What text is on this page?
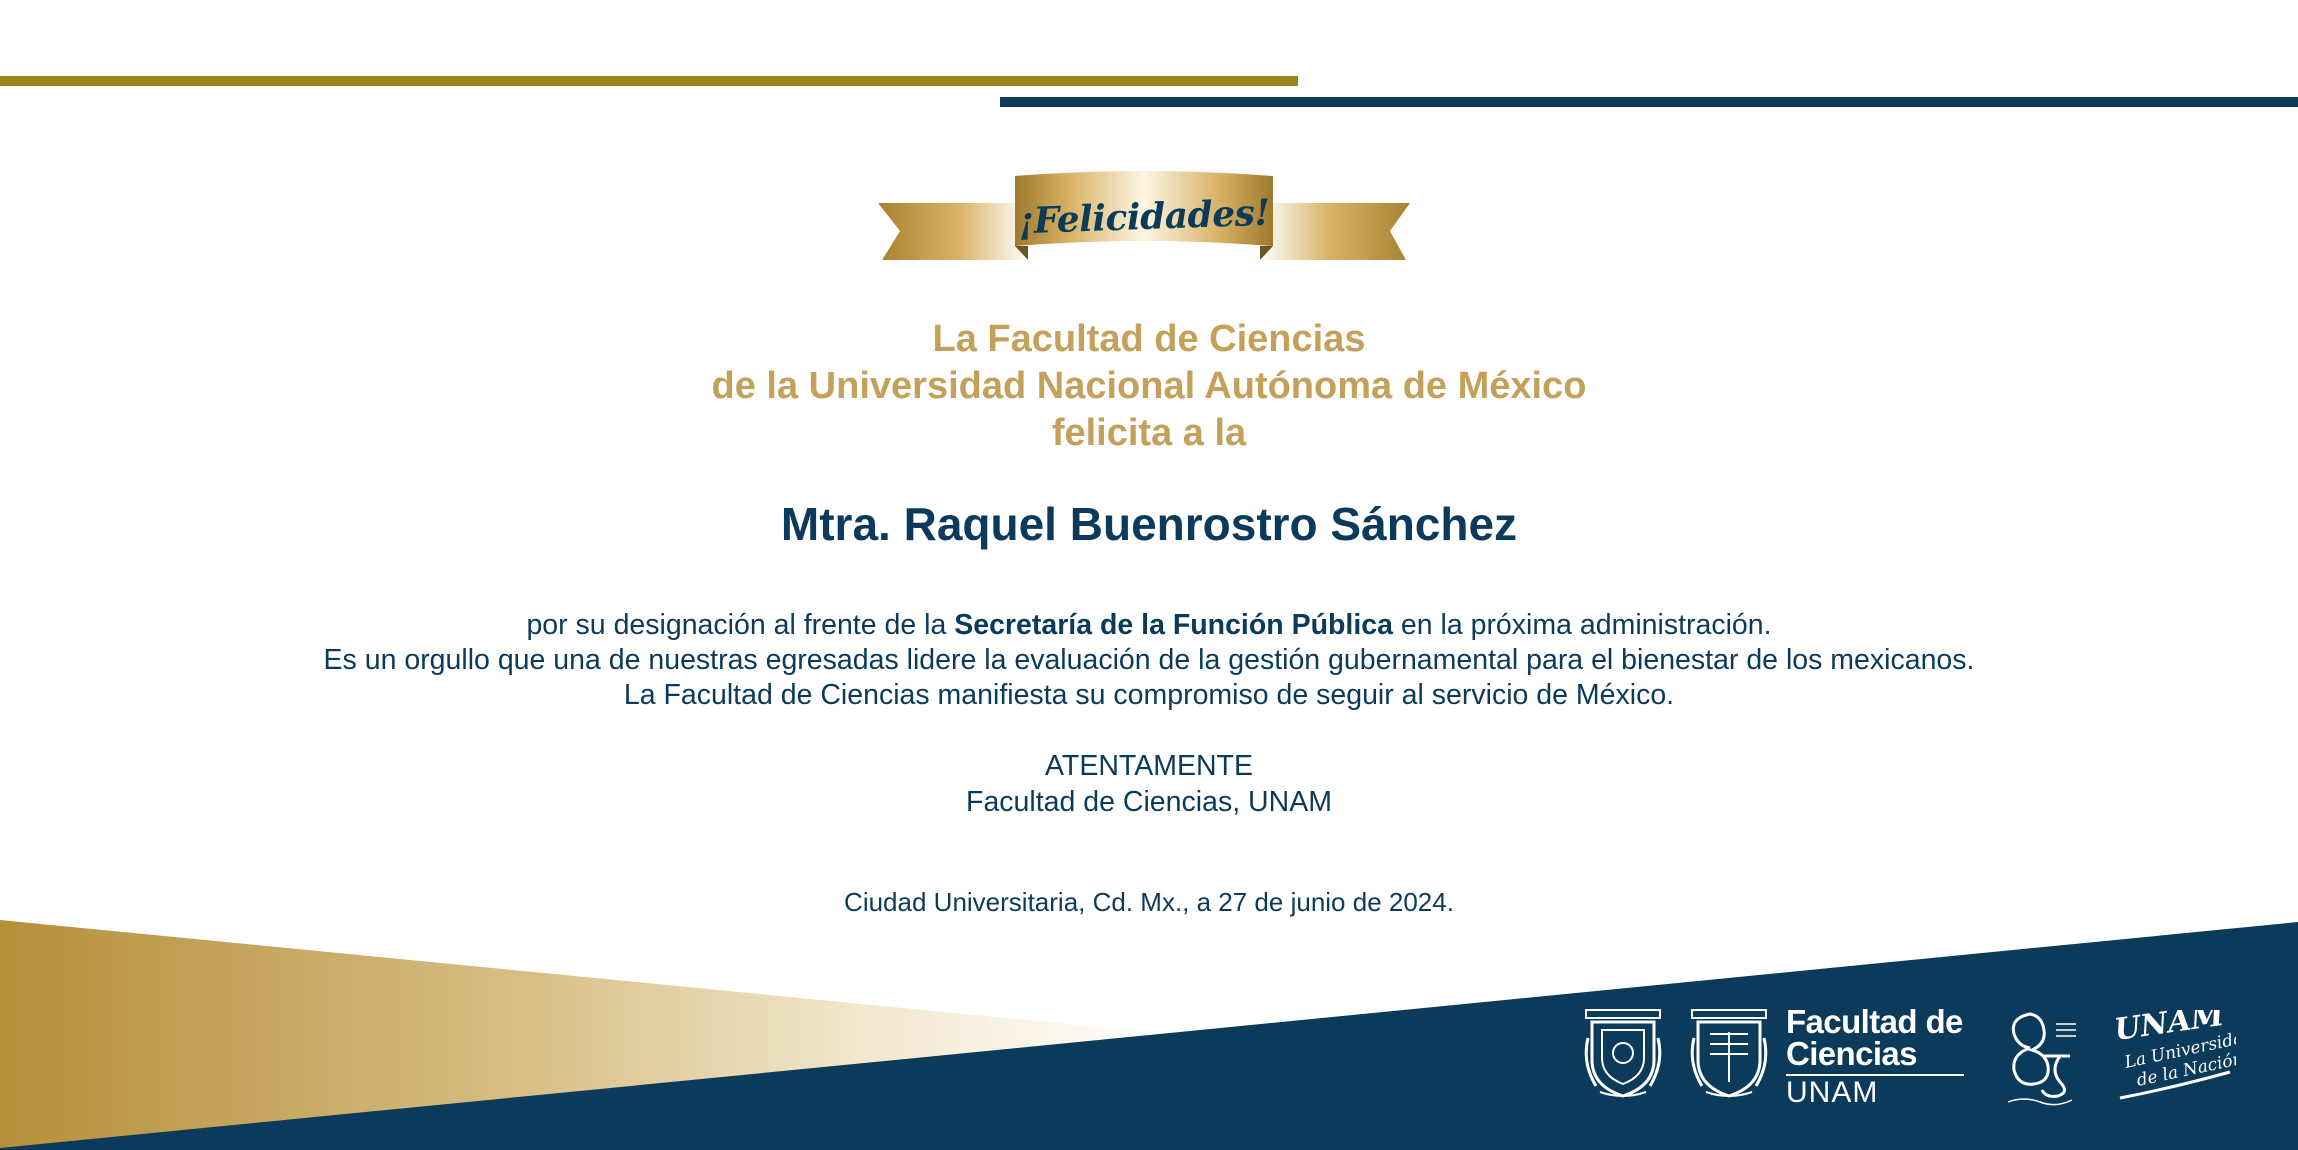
¡Felicidades!
La Facultad de Ciencias
de la Universidad Nacional Autónoma de México
felicita a la
Mtra. Raquel Buenrostro Sánchez
por su designación al frente de la Secretaría de la Función Pública en la próxima administración.
Es un orgullo que una de nuestras egresadas lidere la evaluación de la gestión gubernamental para el bienestar de los mexicanos.
La Facultad de Ciencias manifiesta su compromiso de seguir al servicio de México.
ATENTAMENTE
Facultad de Ciencias, UNAM
Ciudad Universitaria, Cd. Mx., a 27 de junio de 2024.
Facultad de
Ciencias
UNAM
UNAM
La Universidad
de la Nación
